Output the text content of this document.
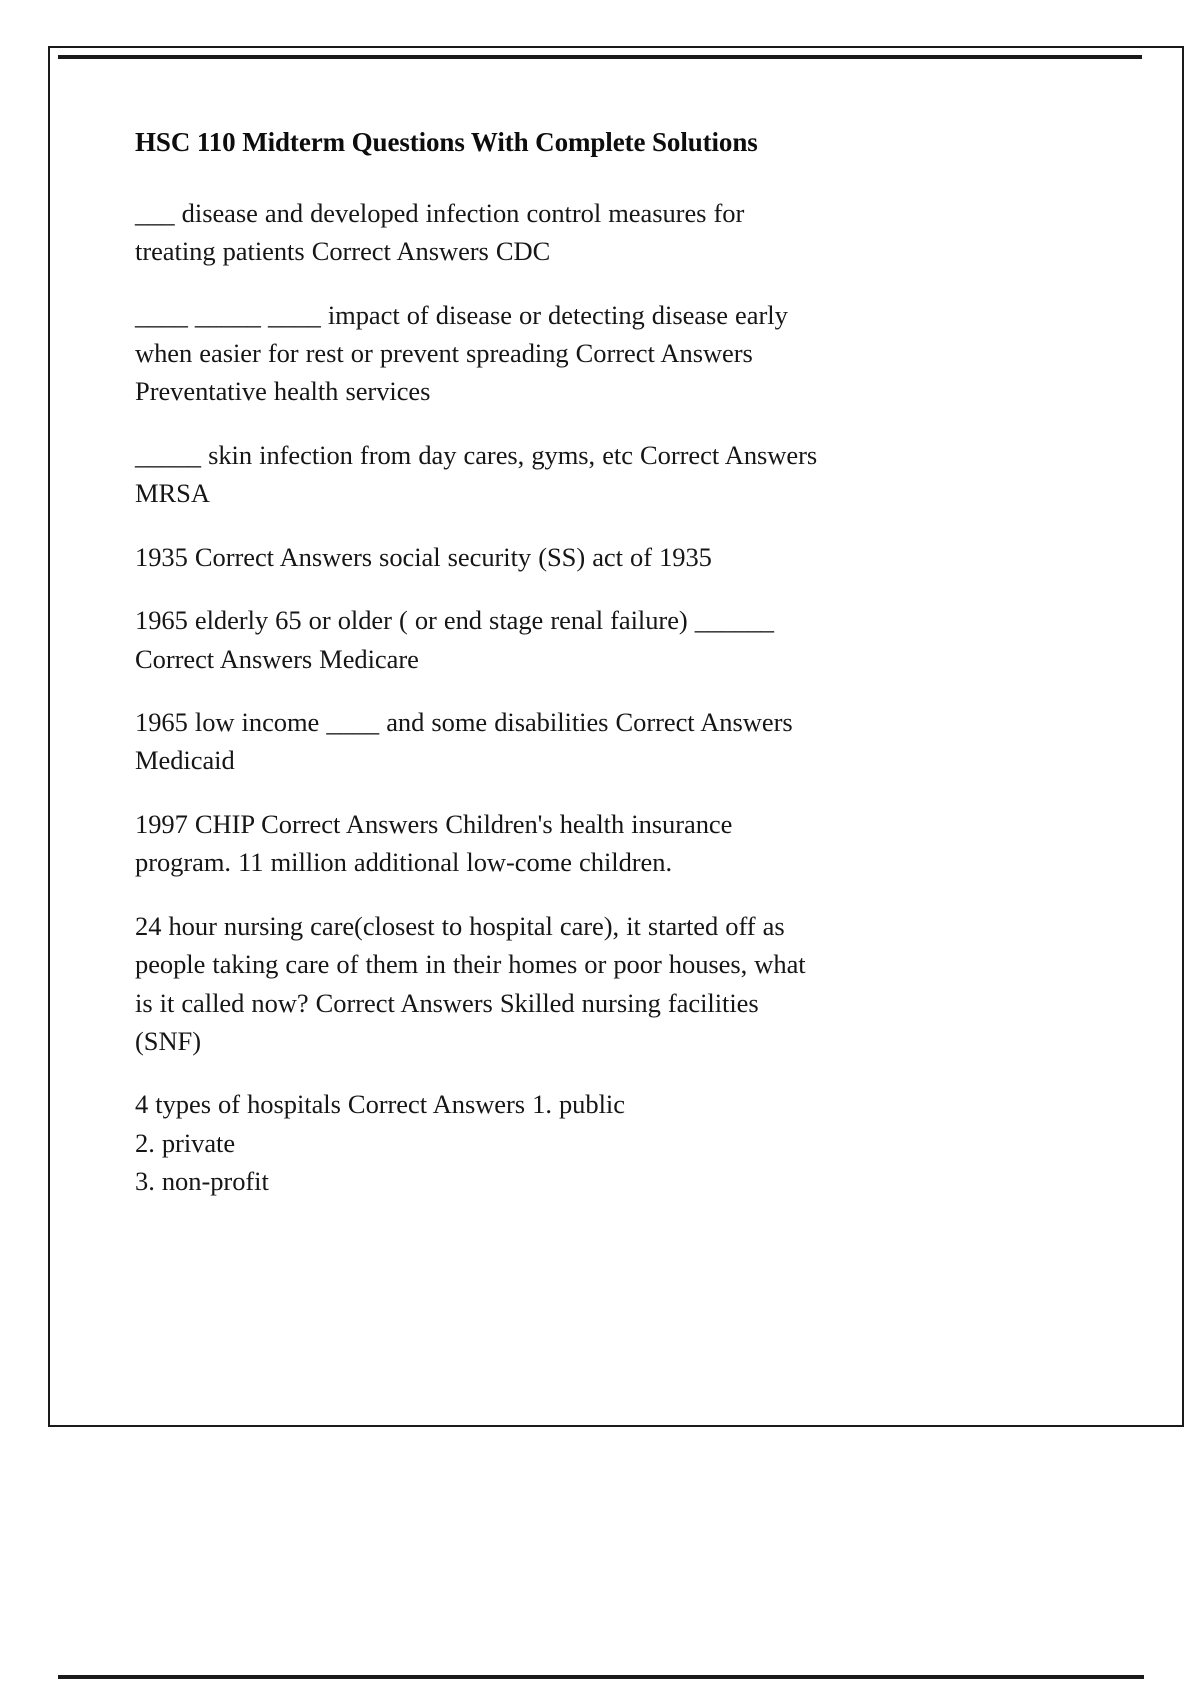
HSC 110 Midterm Questions With Complete Solutions

___ disease and developed infection control measures for
treating patients Correct Answers CDC

____ _____ ____ impact of disease or detecting disease early
when easier for rest or prevent spreading Correct Answers
Preventative health services

_____ skin infection from day cares, gyms, etc Correct Answers
MRSA

1935 Correct Answers social security (SS) act of 1935

1965 elderly 65 or older ( or end stage renal failure) ______
Correct Answers Medicare

1965 low income ____ and some disabilities Correct Answers
Medicaid

1997 CHIP Correct Answers Children's health insurance
program. 11 million additional low-come children.

24 hour nursing care(closest to hospital care), it started off as
people taking care of them in their homes or poor houses, what
is it called now? Correct Answers Skilled nursing facilities
(SNF)

4 types of hospitals Correct Answers 1. public
2. private
3. non-profit
